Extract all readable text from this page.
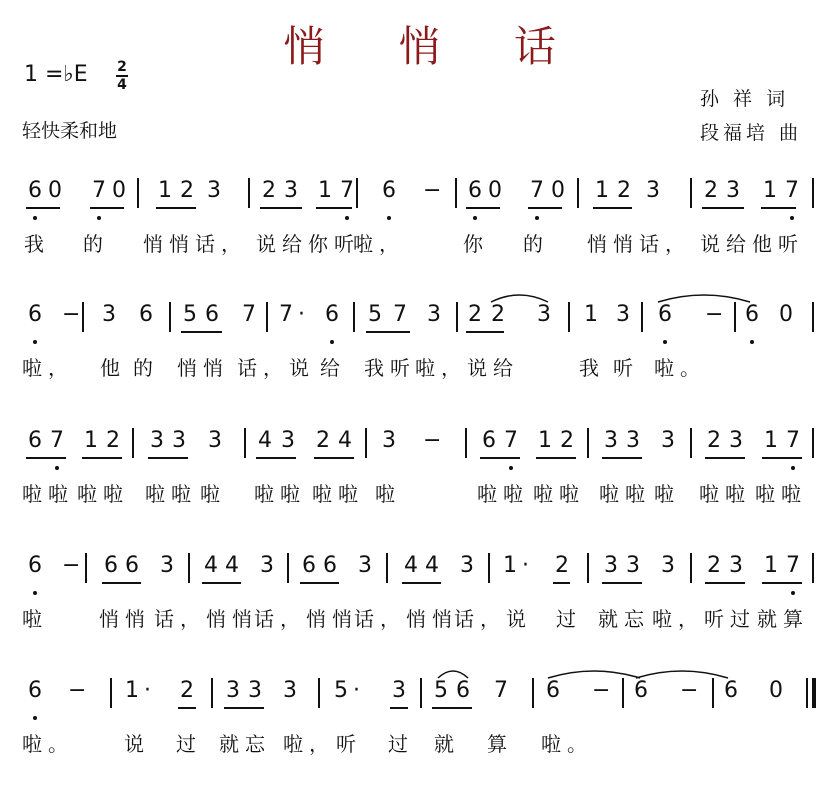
悄 悄 话
1 =♭E 2
4
轻快柔和地
孙 祥 词
段福培 曲
6 0 7 0 1 2 3 2 3 1 7 6 − 6 0 7 0 1 2 3 2 3 1 7
我 的 悄悄话， 说给你听
啦，	你 的 悄悄话， 说给 他听
6 − 3 6 5 6 7 7 · 6 5 7 3 2 2 3 1 3 6 − 6 0
啦， 他 的 悄悄 话，说 给 我听 啦，说给	我 听 啦。
6 7 1 2 3 3 3 4 3 2 4 3 − 6 7 1 2 3 3 3 2 3 1 7
啦啦 啦啦 啦啦 啦 啦啦 啦啦 啦	啦啦 啦啦 啦啦 啦 啦啦 啦啦
6 − 6 6 3 4 4 3 6 6 3 4 4 3 1 · 2 3 3 3 2 3 1 7
啦	悄悄 话，悄悄
话，悄悄
话，悄悄
话，说 过 就忘 啦，听过 就算
6 − 1 · 2 3 3 3 5 · 3 5 6 7 6 − 6 − 6 0
啦。	说 过 就忘 啦， 听 过 就 算 啦。
